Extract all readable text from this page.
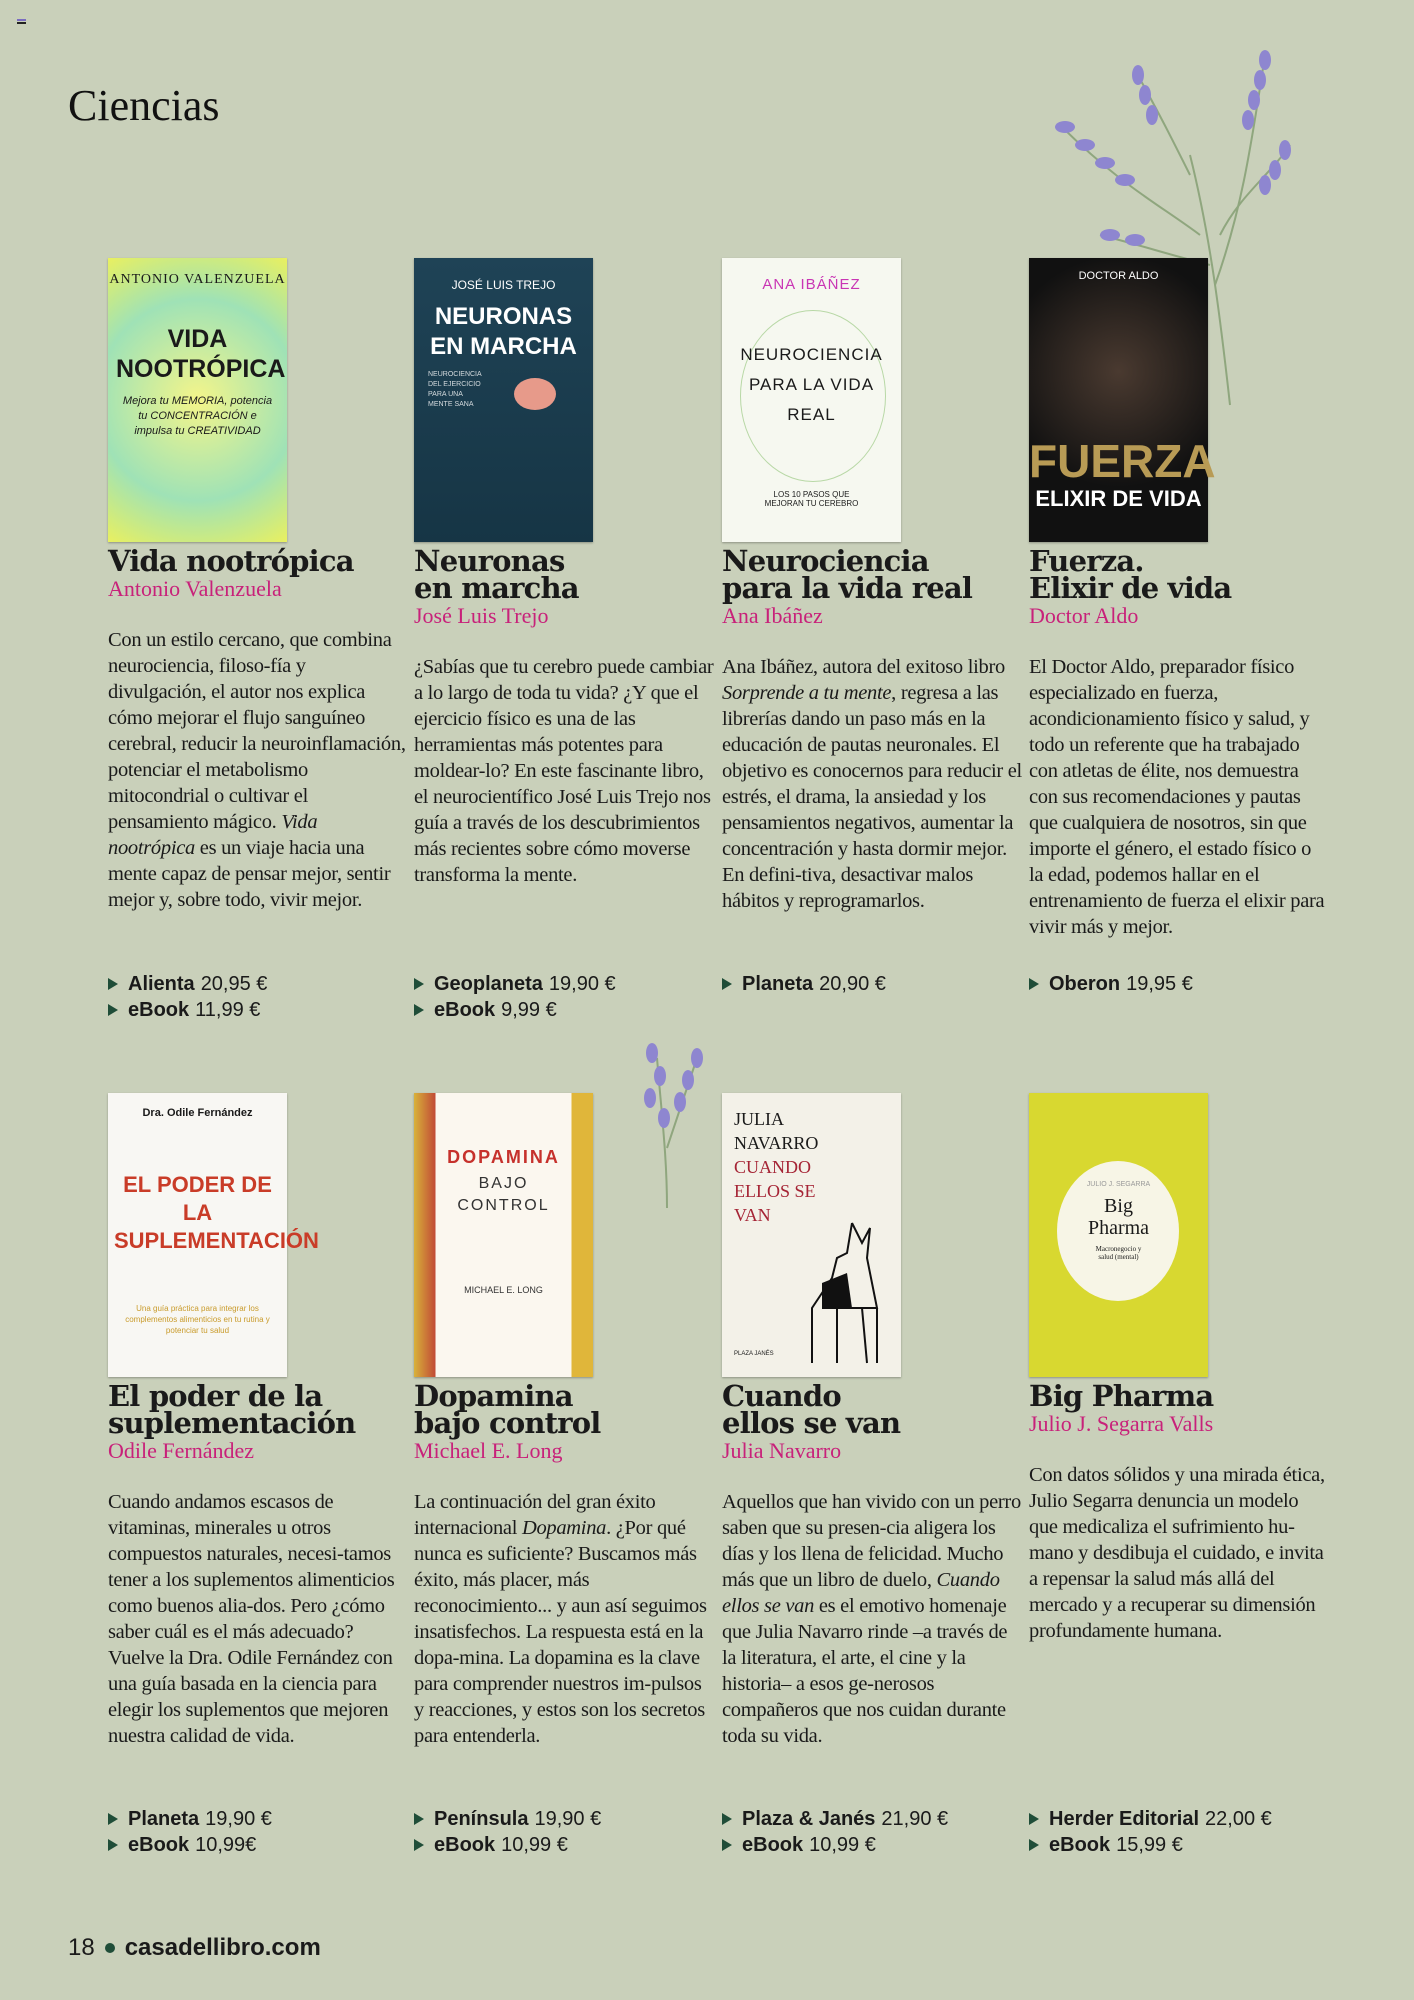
Ciencias
ANTONIO VALENZUELA
VIDA NOOTRÓPICA
Mejora tu MEMORIA, potencia tu CONCENTRACIÓN e impulsa tu CREATIVIDAD
JOSÉ LUIS TREJO
NEURONAS EN MARCHA
NEUROCIENCIA DEL EJERCICIO PARA UNA MENTE SANA
ANA IBÁÑEZ
NEUROCIENCIA PARA LA VIDA REAL
LOS 10 PASOS QUE MEJORAN TU CEREBRO
DOCTOR ALDO
FUERZA
ELIXIR DE VIDA
Dra. Odile Fernández
EL PODER DE LA SUPLEMENTACIÓN
Una guía práctica para integrar los complementos alimenticios en tu rutina y potenciar tu salud
DOPAMINA
BAJO CONTROL
MICHAEL E. LONG
JULIA NAVARRO
CUANDO ELLOS SE VAN
PLAZA JANÉS
JULIO J. SEGARRA
Big Pharma
Macronegocio y salud (mental)
Vida nootrópica
Antonio Valenzuela
Con un estilo cercano, que combina neurociencia, filoso-fía y divulgación, el autor nos explica cómo mejorar el flujo sanguíneo cerebral, reducir la neuroinflamación, potenciar el metabolismo mitocondrial o cultivar el pensamiento mágico. Vida nootrópica es un viaje hacia una mente capaz de pensar mejor, sentir mejor y, sobre todo, vivir mejor.
Alienta 20,95 €
eBook 11,99 €
Neuronas
en marcha
José Luis Trejo
¿Sabías que tu cerebro puede cambiar a lo largo de toda tu vida? ¿Y que el ejercicio físico es una de las herramientas más potentes para moldear-lo? En este fascinante libro, el neurocientífico José Luis Trejo nos guía a través de los descubrimientos más recientes sobre cómo moverse transforma la mente.
Geoplaneta 19,90 €
eBook 9,99 €
Neurociencia
para la vida real
Ana Ibáñez
Ana Ibáñez, autora del exitoso libro Sorprende a tu mente, regresa a las librerías dando un paso más en la educación de pautas neuronales. El objetivo es conocernos para reducir el estrés, el drama, la ansiedad y los pensamientos negativos, aumentar la concentración y hasta dormir mejor. En defini-tiva, desactivar malos hábitos y reprogramarlos.
Planeta 20,90 €
Fuerza.
Elixir de vida
Doctor Aldo
El Doctor Aldo, preparador físico especializado en fuerza, acondicionamiento físico y salud, y todo un referente que ha trabajado con atletas de élite, nos demuestra con sus recomendaciones y pautas que cualquiera de nosotros, sin que importe el género, el estado físico o la edad, podemos hallar en el entrenamiento de fuerza el elixir para vivir más y mejor.
Oberon 19,95 €
El poder de la
suplementación
Odile Fernández
Cuando andamos escasos de vitaminas, minerales u otros compuestos naturales, necesi-tamos tener a los suplementos alimenticios como buenos alia-dos. Pero ¿cómo saber cuál es el más adecuado? Vuelve la Dra. Odile Fernández con una guía basada en la ciencia para elegir los suplementos que mejoren nuestra calidad de vida.
Planeta 19,90 €
eBook 10,99€
Dopamina
bajo control
Michael E. Long
La continuación del gran éxito internacional Dopamina. ¿Por qué nunca es suficiente? Buscamos más éxito, más placer, más reconocimiento... y aun así seguimos insatisfechos. La respuesta está en la dopa-mina. La dopamina es la clave para comprender nuestros im-pulsos y reacciones, y estos son los secretos para entenderla.
Península 19,90 €
eBook 10,99 €
Cuando
ellos se van
Julia Navarro
Aquellos que han vivido con un perro saben que su presen-cia aligera los días y los llena de felicidad. Mucho más que un libro de duelo, Cuando ellos se van es el emotivo homenaje que Julia Navarro rinde –a través de la literatura, el arte, el cine y la historia– a esos ge-nerosos compañeros que nos cuidan durante toda su vida.
Plaza & Janés 21,90 €
eBook 10,99 €
Big Pharma
Julio J. Segarra Valls
Con datos sólidos y una mirada ética, Julio Segarra denuncia un modelo que medicaliza el sufrimiento hu-mano y desdibuja el cuidado, e invita a repensar la salud más allá del mercado y a recuperar su dimensión profundamente humana.
Herder Editorial 22,00 €
eBook 15,99 €
18 casadellibro.com
